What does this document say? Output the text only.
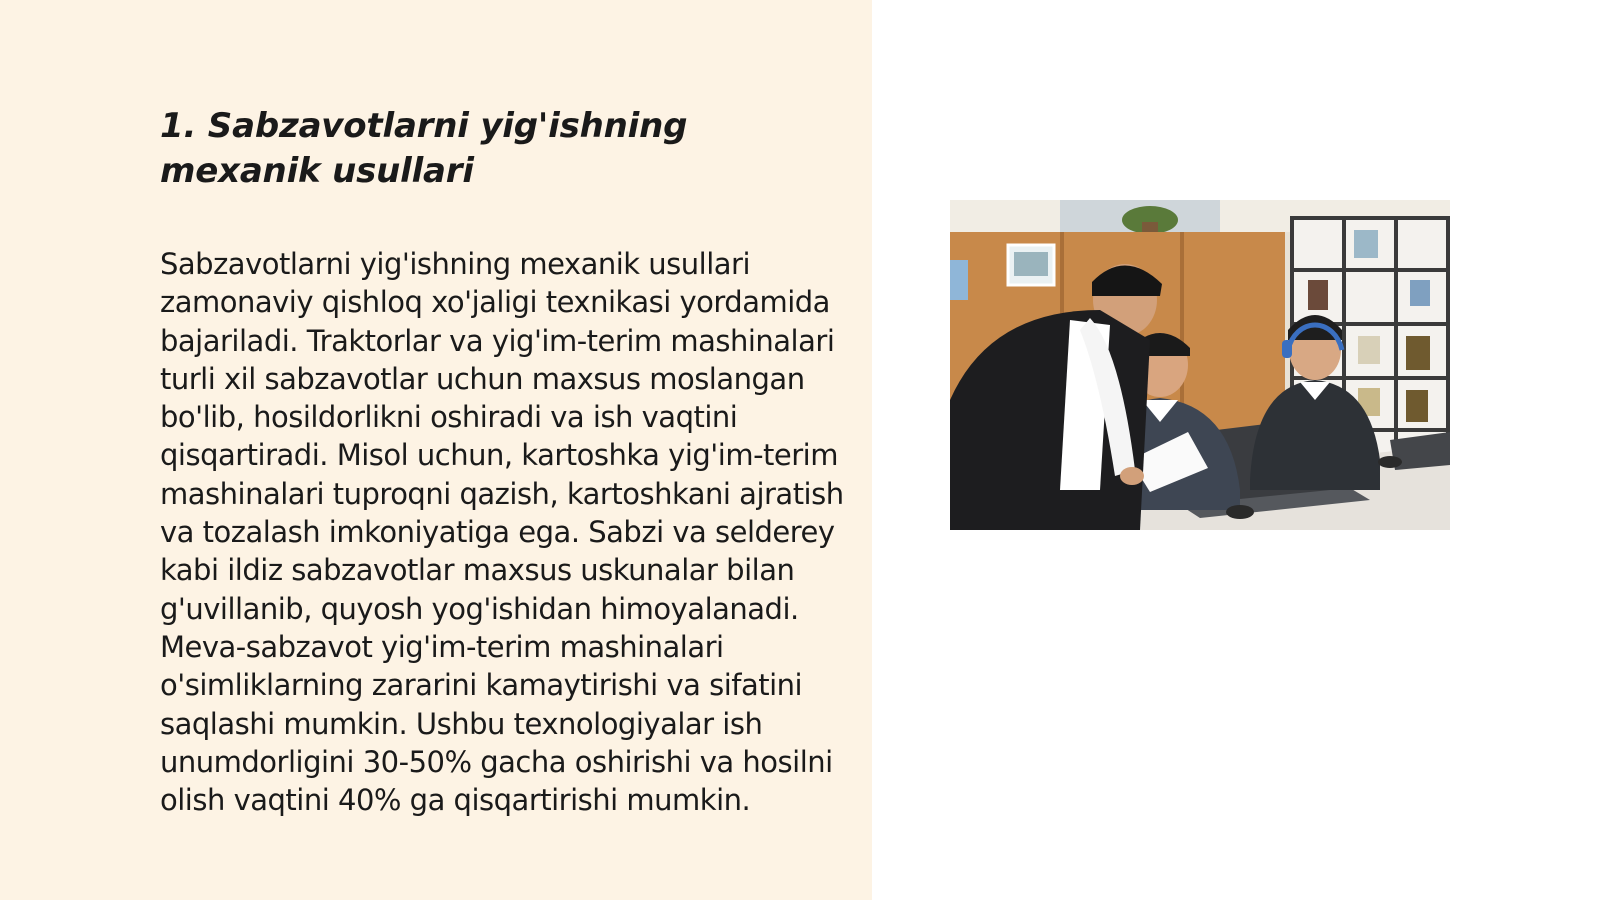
1. Sabzavotlarni yig'ishning mexanik usullari

Sabzavotlarni yig'ishning mexanik usullari zamonaviy qishloq xo'jaligi texnikasi yordamida bajariladi. Traktorlar va yig'im-terim mashinalari turli xil sabzavotlar uchun maxsus moslangan bo'lib, hosildorlikni oshiradi va ish vaqtini qisqartiradi. Misol uchun, kartoshka yig'im-terim mashinalari tuproqni qazish, kartoshkani ajratish va tozalash imkoniyatiga ega. Sabzi va selderey kabi ildiz sabzavotlar maxsus uskunalar bilan g'uvillanib, quyosh yog'ishidan himoyalanadi. Meva-sabzavot yig'im-terim mashinalari o'simliklarning zararini kamaytirishi va sifatini saqlashi mumkin. Ushbu texnologiyalar ish unumdorligini 30-50% gacha oshirishi va hosilni olish vaqtini 40% ga qisqartirishi mumkin.
